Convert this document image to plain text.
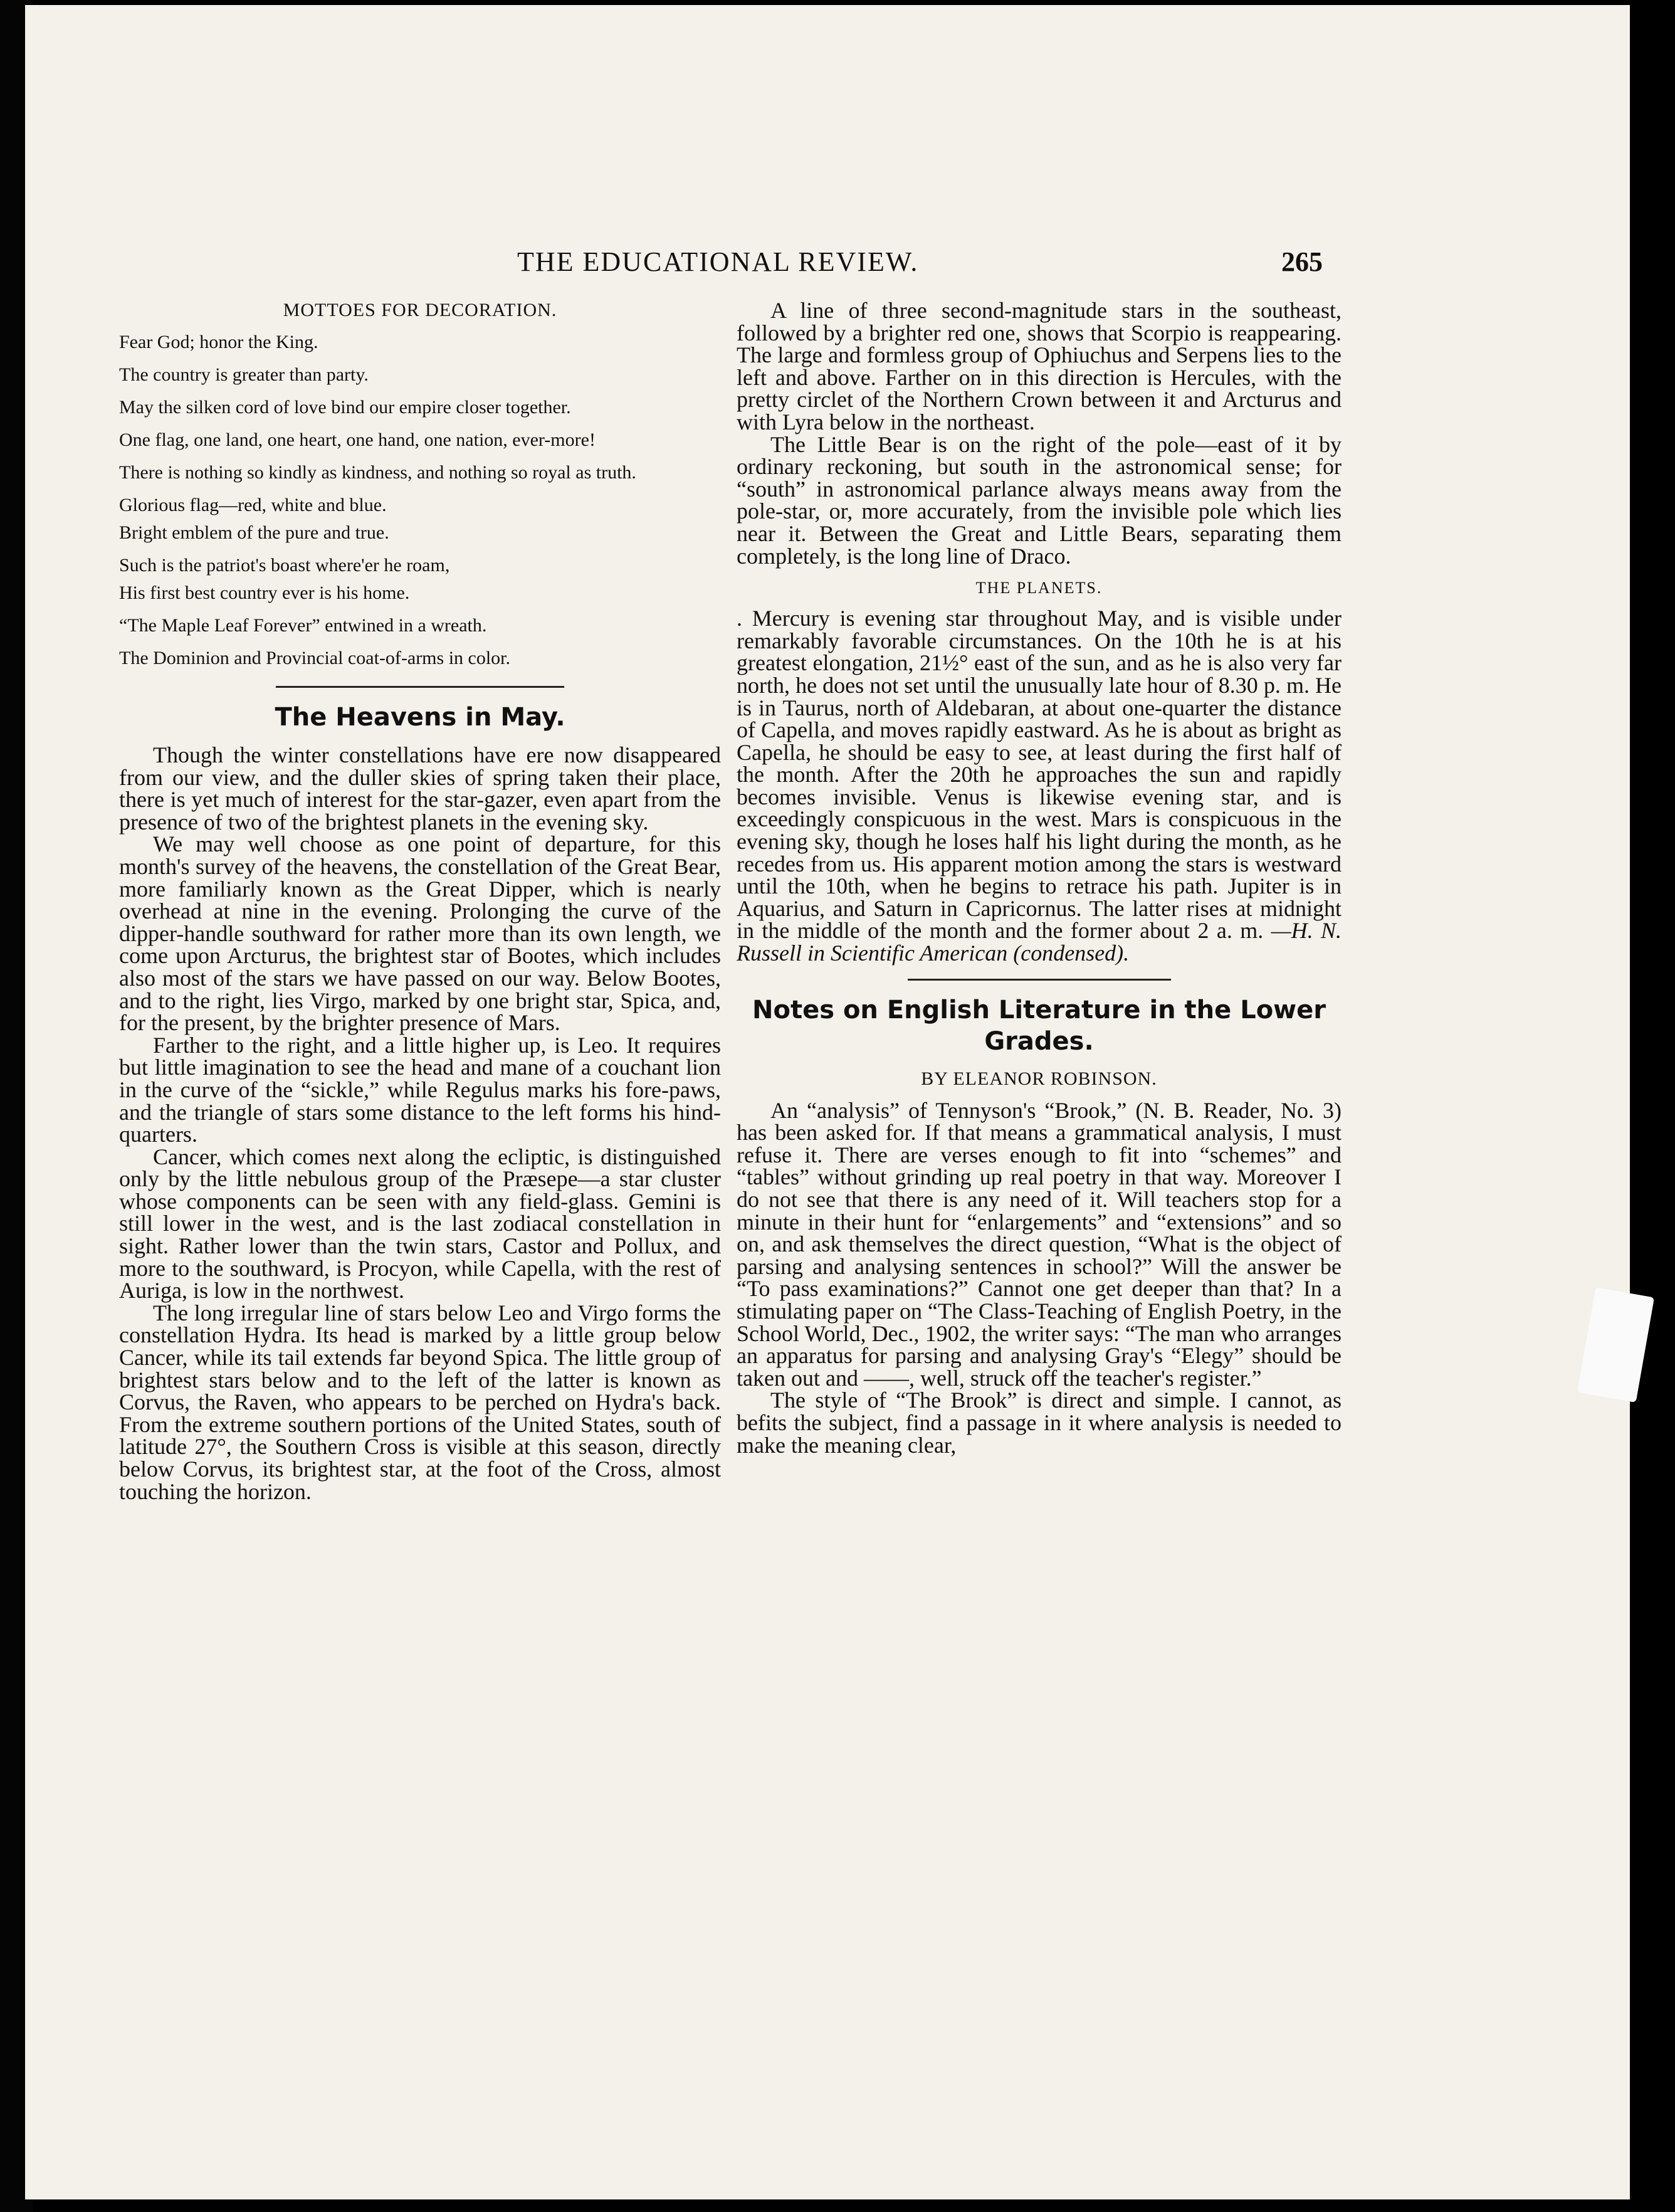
THE EDUCATIONAL REVIEW.	265
MOTTOES FOR DECORATION.

Fear God; honor the King.

The country is greater than party.

May the silken cord of love bind our empire closer together.

One flag, one land, one heart, one hand, one nation, ever-more!

There is nothing so kindly as kindness, and nothing so royal as truth.

Glorious flag—red, white and blue.

Bright emblem of the pure and true.

Such is the patriot's boast where'er he roam,

His first best country ever is his home.

“The Maple Leaf Forever” entwined in a wreath.

The Dominion and Provincial coat-of-arms in color.

The Heavens in May.

Though the winter constellations have ere now disappeared from our view, and the duller skies of spring taken their place, there is yet much of interest for the star-gazer, even apart from the presence of two of the brightest planets in the evening sky.

We may well choose as one point of departure, for this month's survey of the heavens, the constellation of the Great Bear, more familiarly known as the Great Dipper, which is nearly overhead at nine in the evening. Prolonging the curve of the dipper-handle southward for rather more than its own length, we come upon Arcturus, the brightest star of Bootes, which includes also most of the stars we have passed on our way. Below Bootes, and to the right, lies Virgo, marked by one bright star, Spica, and, for the present, by the brighter presence of Mars.

Farther to the right, and a little higher up, is Leo. It requires but little imagination to see the head and mane of a couchant lion in the curve of the “sickle,” while Regulus marks his fore-paws, and the triangle of stars some distance to the left forms his hind-quarters.

Cancer, which comes next along the ecliptic, is distinguished only by the little nebulous group of the Præsepe—a star cluster whose components can be seen with any field-glass. Gemini is still lower in the west, and is the last zodiacal constellation in sight. Rather lower than the twin stars, Castor and Pollux, and more to the southward, is Procyon, while Capella, with the rest of Auriga, is low in the northwest.

The long irregular line of stars below Leo and Virgo forms the constellation Hydra. Its head is marked by a little group below Cancer, while its tail extends far beyond Spica. The little group of brightest stars below and to the left of the latter is known as Corvus, the Raven, who appears to be perched on Hydra's back. From the extreme southern portions of the United States, south of latitude 27°, the Southern Cross is visible at this season, directly below Corvus, its brightest star, at the foot of the Cross, almost touching the horizon.

A line of three second-magnitude stars in the southeast, followed by a brighter red one, shows that Scorpio is reappearing. The large and formless group of Ophiuchus and Serpens lies to the left and above. Farther on in this direction is Hercules, with the pretty circlet of the Northern Crown between it and Arcturus and with Lyra below in the northeast.

The Little Bear is on the right of the pole—east of it by ordinary reckoning, but south in the astronomical sense; for “south” in astronomical parlance always means away from the pole-star, or, more accurately, from the invisible pole which lies near it. Between the Great and Little Bears, separating them completely, is the long line of Draco.

THE PLANETS.

. Mercury is evening star throughout May, and is visible under remarkably favorable circumstances. On the 10th he is at his greatest elongation, 21½° east of the sun, and as he is also very far north, he does not set until the unusually late hour of 8.30 p. m. He is in Taurus, north of Aldebaran, at about one-quarter the distance of Capella, and moves rapidly eastward. As he is about as bright as Capella, he should be easy to see, at least during the first half of the month. After the 20th he approaches the sun and rapidly becomes invisible. Venus is likewise evening star, and is exceedingly conspicuous in the west. Mars is conspicuous in the evening sky, though he loses half his light during the month, as he recedes from us. His apparent motion among the stars is westward until the 10th, when he begins to retrace his path. Jupiter is in Aquarius, and Saturn in Capricornus. The latter rises at midnight in the middle of the month and the former about 2 a. m. —H. N. Russell in Scientific American (condensed).

Notes on English Literature in the Lower Grades.
BY ELEANOR ROBINSON.

An “analysis” of Tennyson's “Brook,” (N. B. Reader, No. 3) has been asked for. If that means a grammatical analysis, I must refuse it. There are verses enough to fit into “schemes” and “tables” without grinding up real poetry in that way. Moreover I do not see that there is any need of it. Will teachers stop for a minute in their hunt for “enlargements” and “extensions” and so on, and ask themselves the direct question, “What is the object of parsing and analysing sentences in school?” Will the answer be “To pass examinations?” Cannot one get deeper than that? In a stimulating paper on “The Class-Teaching of English Poetry, in the School World, Dec., 1902, the writer says: “The man who arranges an apparatus for parsing and analysing Gray's “Elegy” should be taken out and ——, well, struck off the teacher's register.”

The style of “The Brook” is direct and simple. I cannot, as befits the subject, find a passage in it where analysis is needed to make the meaning clear,
